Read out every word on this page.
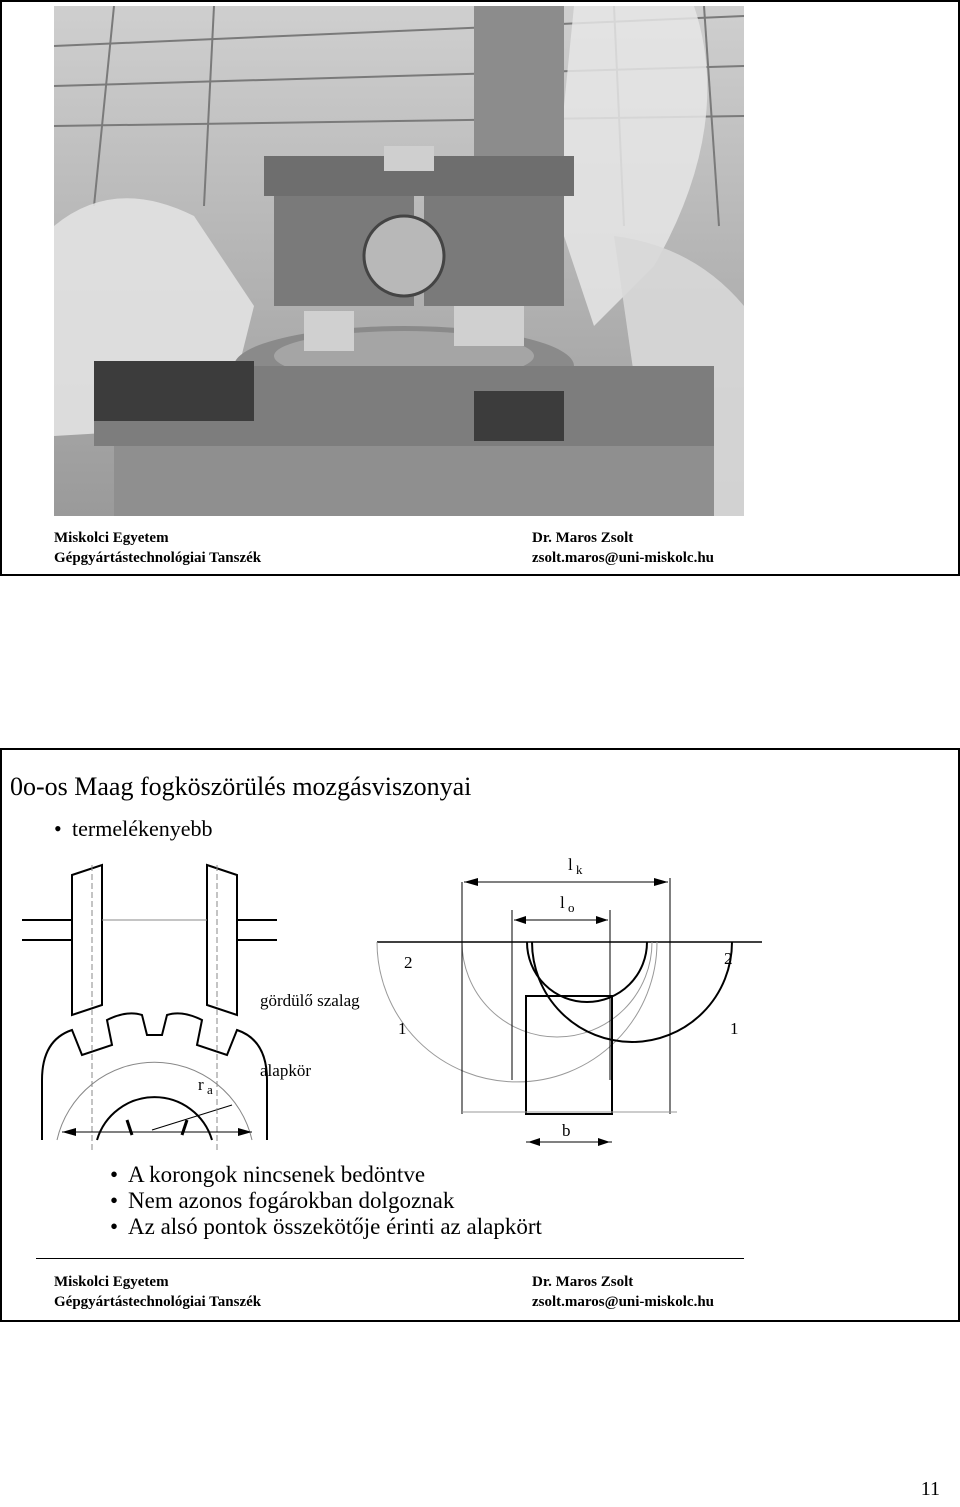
Miskolci Egyetem
Gépgyártástechnológiai Tanszék
Dr. Maros Zsolt
zsolt.maros@uni-miskolc.hu
0o-os Maag fogköszörülés mozgásviszonyai
• termelékenyebb
gördülő szalag
alapkör
r a
l k
l o
2	2
1	1
b
• A korongok nincsenek bedöntve
• Nem azonos fogárokban dolgoznak
• Az alsó pontok összekötője érinti az alapkört
Miskolci Egyetem
Gépgyártástechnológiai Tanszék
Dr. Maros Zsolt
zsolt.maros@uni-miskolc.hu
11
